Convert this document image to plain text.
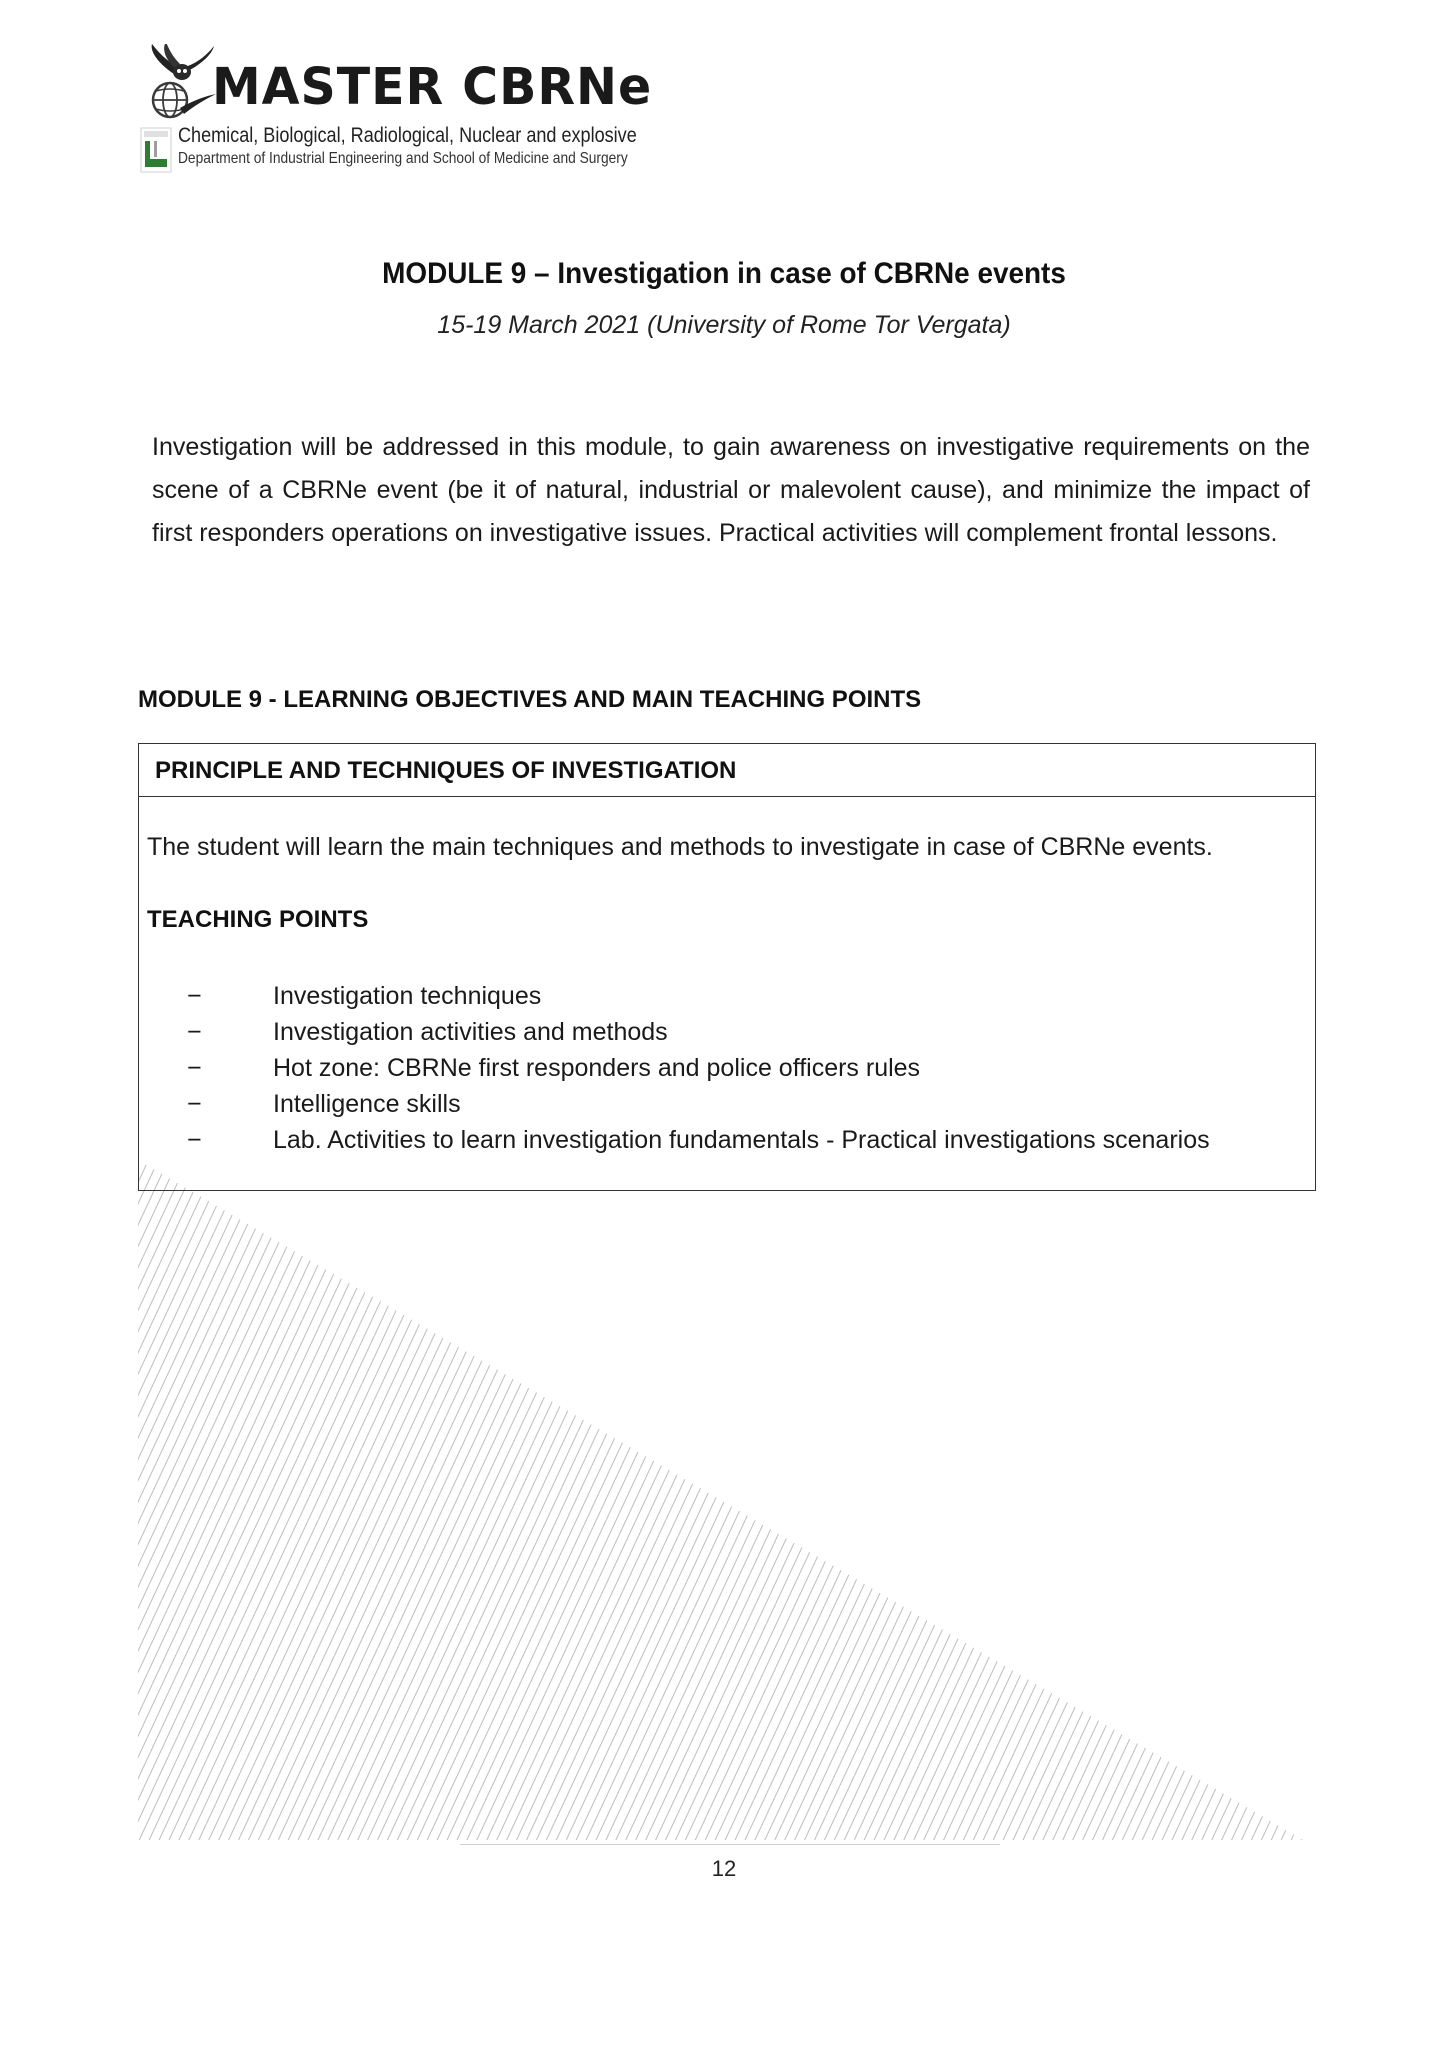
MASTER CBRNe
Chemical, Biological, Radiological, Nuclear and explosive
Department of Industrial Engineering and School of Medicine and Surgery
MODULE 9 – Investigation in case of CBRNe events
15-19 March 2021 (University of Rome Tor Vergata)
Investigation will be addressed in this module, to gain awareness on investigative requirements on the scene of a CBRNe event (be it of natural, industrial or malevolent cause), and minimize the impact of first responders operations on investigative issues. Practical activities will complement frontal lessons.
MODULE 9 - LEARNING OBJECTIVES AND MAIN TEACHING POINTS
PRINCIPLE AND TECHNIQUES OF INVESTIGATION
The student will learn the main techniques and methods to investigate in case of CBRNe events.
TEACHING POINTS
−	Investigation techniques
−	Investigation activities and methods
−	Hot zone: CBRNe first responders and police officers rules
−	Intelligence skills
−	Lab. Activities to learn investigation fundamentals - Practical investigations scenarios
12
